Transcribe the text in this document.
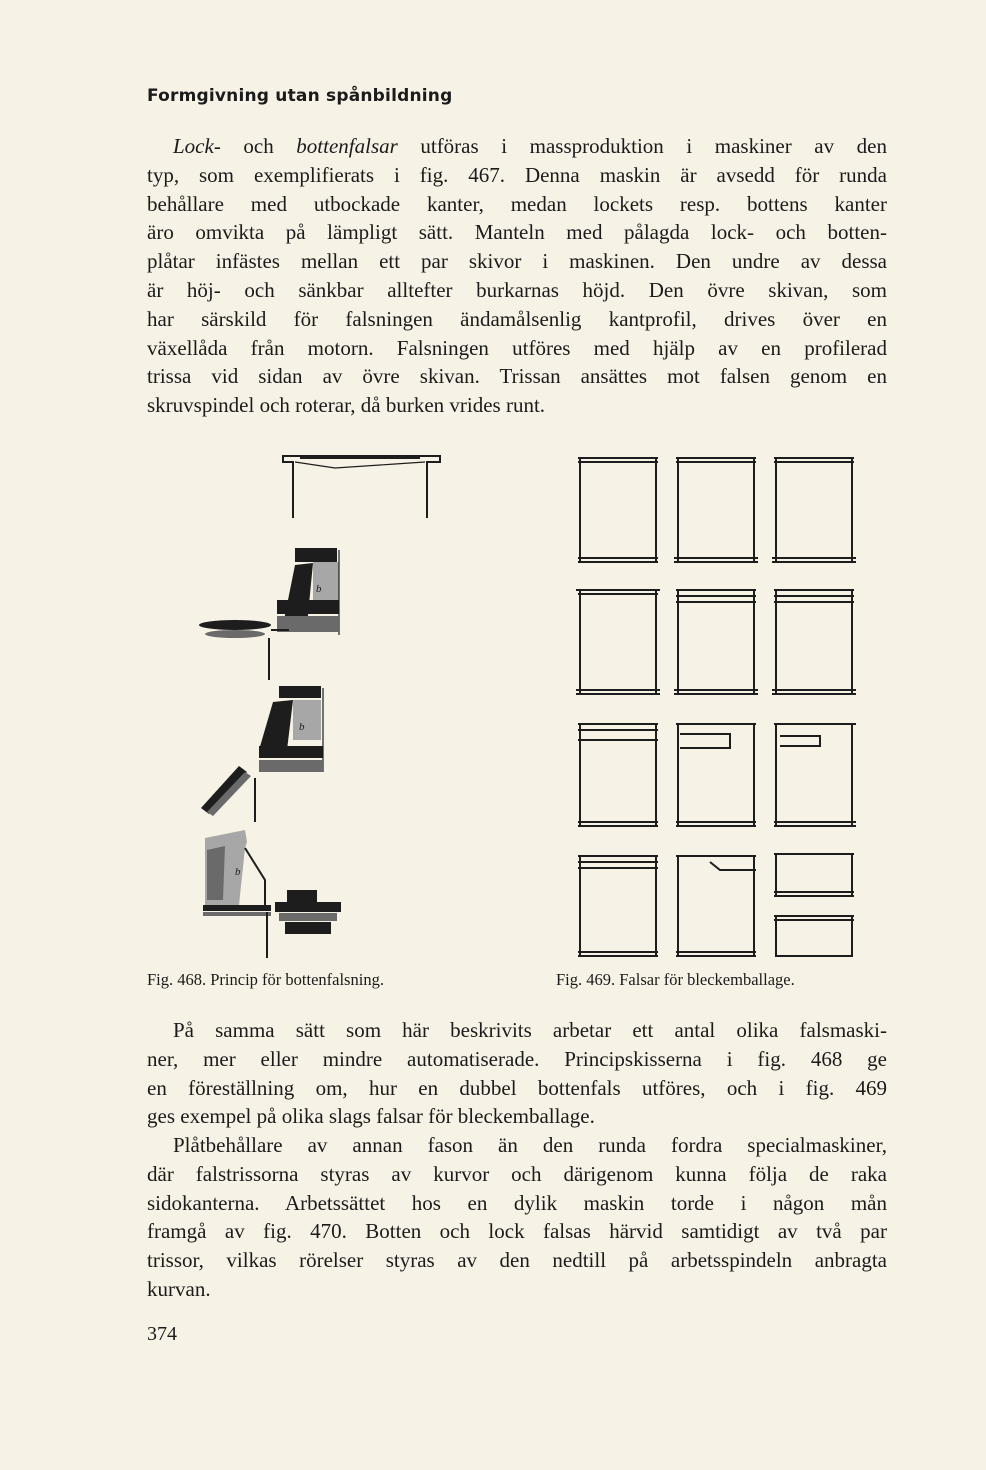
Formgivning utan spånbildning
Lock- och bottenfalsar utföras i massproduktion i maskiner av den
typ, som exemplifierats i fig. 467. Denna maskin är avsedd för runda
behållare med utbockade kanter, medan lockets resp. bottens kanter
äro omvikta på lämpligt sätt. Manteln med pålagda lock- och botten-
plåtar infästes mellan ett par skivor i maskinen. Den undre av dessa
är höj- och sänkbar alltefter burkarnas höjd. Den övre skivan, som
har särskild för falsningen ändamålsenlig kantprofil, drives över en
växellåda från motorn. Falsningen utföres med hjälp av en profilerad
trissa vid sidan av övre skivan. Trissan ansättes mot falsen genom en
skruvspindel och roterar, då burken vrides runt.
b
b
b
Fig. 468. Princip för bottenfalsning.	Fig. 469. Falsar för bleckemballage.
På samma sätt som här beskrivits arbetar ett antal olika falsmaski-
ner, mer eller mindre automatiserade. Principskisserna i fig. 468 ge
en föreställning om, hur en dubbel bottenfals utföres, och i fig. 469
ges exempel på olika slags falsar för bleckemballage.
Plåtbehållare av annan fason än den runda fordra specialmaskiner,
där falstrissorna styras av kurvor och därigenom kunna följa de raka
sidokanterna. Arbetssättet hos en dylik maskin torde i någon mån
framgå av fig. 470. Botten och lock falsas härvid samtidigt av två par
trissor, vilkas rörelser styras av den nedtill på arbetsspindeln anbragta
kurvan.
374
